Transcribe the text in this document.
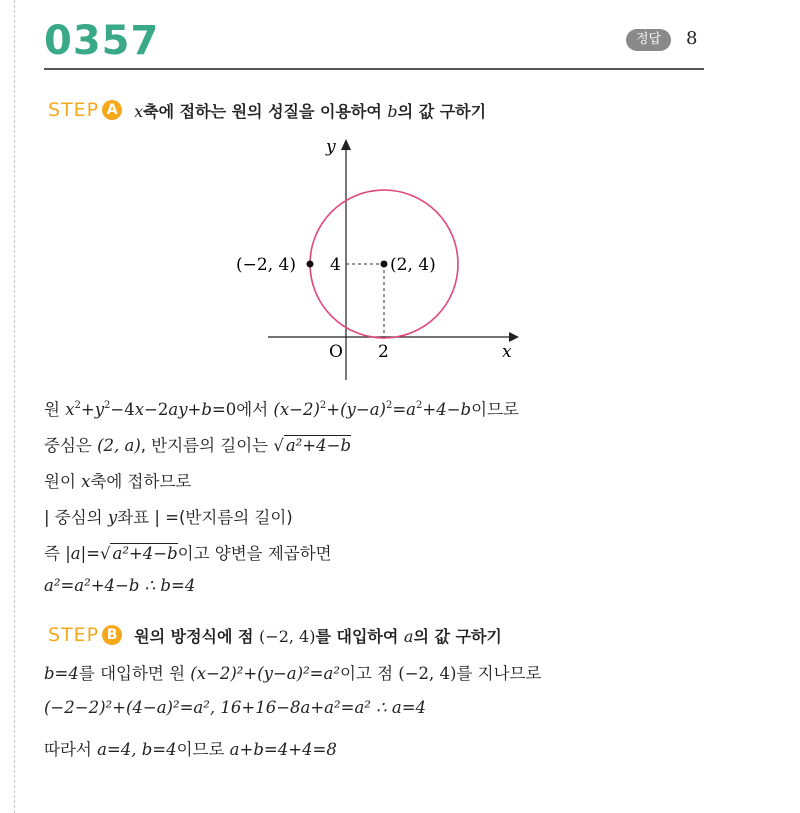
0357	정답	8
STEP A x축에 접하는 원의 성질을 이용하여 b의 값 구하기
y
x
O 2
4
(−2, 4)	(2, 4)
원 $x^2+y^2-4x-2ay+b=0$에서 $(x-2)^2+(y-a)^2=a^2+4-b$이므로
중심은 (2, a), 반지름의 길이는 √ a²+4−b
원이 x축에 접하므로
| 중심의 y좌표 | =(반지름의 길이)
즉 |a|=√ a²+4−b이고 양변을 제곱하면
a²=a²+4−b ∴ b=4
STEP B 원의 방정식에 점 (−2, 4)를 대입하여 a의 값 구하기
b=4를 대입하면 원 (x−2)²+(y−a)²=a²이고 점 (−2, 4)를 지나므로
(−2−2)²+(4−a)²=a², 16+16−8a+a²=a² ∴ a=4
따라서 a=4, b=4이므로 a+b=4+4=8
